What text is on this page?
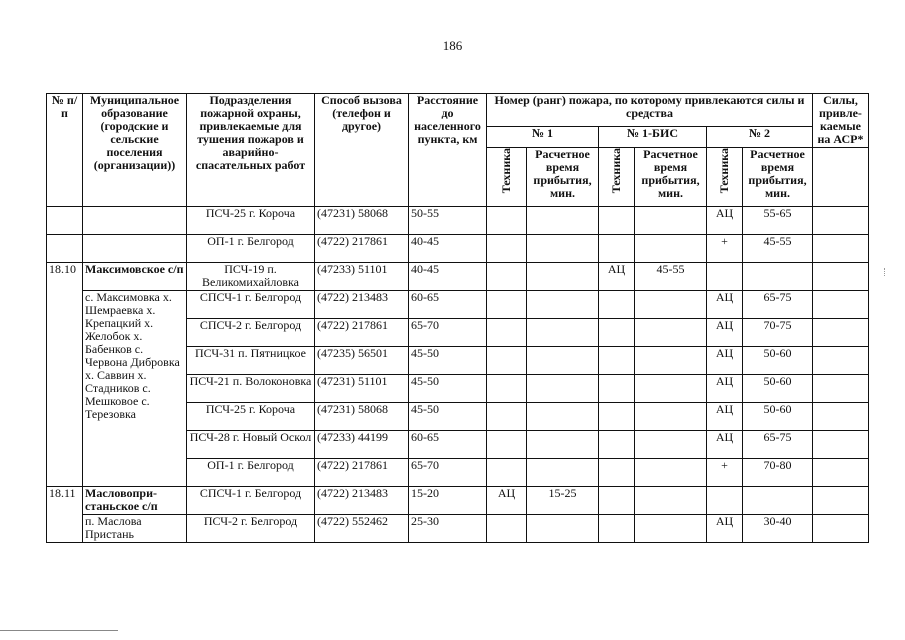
186
№ п/п	Муниципальное образование (городские и сельские поселения (организации))	Подразделения пожарной охраны, привлекаемые для тушения пожаров и аварийно-спасательных работ	Способ вызова (телефон и другое)	Расстояние до населенного пункта, км	Номер (ранг) пожара, по которому привлекаются силы и средства						Силы, привле-каемые на АСР*
					№ 1		№ 1-БИС		№ 2		

					Техника	Расчетное время прибытия, мин.	Техника	Расчетное время прибытия, мин.	Техника	Расчетное время прибытия, мин.	
		ПСЧ-25 г. Корочa	(47231) 58068	50-55					АЦ	55-65	
		ОП-1 г. Белгород	(4722) 217861	40-45					+	45-55	
18.10	Максимовское с/п	ПСЧ-19 п. Великомихайловка	(47233) 51101	40-45			АЦ	45-55			
	с. Максимовка х. Шемраевка х. Крепацкий х. Желобок х. Бабенков с. Червона Дибровка х. Саввин х. Стадников с. Мешковое с. Терезовка	СПСЧ-1 г. Белгород	(4722) 213483	60-65					АЦ	65-75	
		СПСЧ-2 г. Белгород	(4722) 217861	65-70					АЦ	70-75	
		ПСЧ-31 п. Пятницкое	(47235) 56501	45-50					АЦ	50-60	
		ПСЧ-21 п. Волоконовка	(47231) 51101	45-50					АЦ	50-60	
		ПСЧ-25 г. Корочa	(47231) 58068	45-50					АЦ	50-60	
		ПСЧ-28 г. Новый Оскол	(47233) 44199	60-65					АЦ	65-75	
		ОП-1 г. Белгород	(4722) 217861	65-70					+	70-80	
18.11	Масловопри-станьское с/п	СПСЧ-1 г. Белгород	(4722) 213483	15-20	АЦ	15-25					
	п. Маслова Пристань	ПСЧ-2 г. Белгород	(4722) 552462	25-30					АЦ	30-40	
